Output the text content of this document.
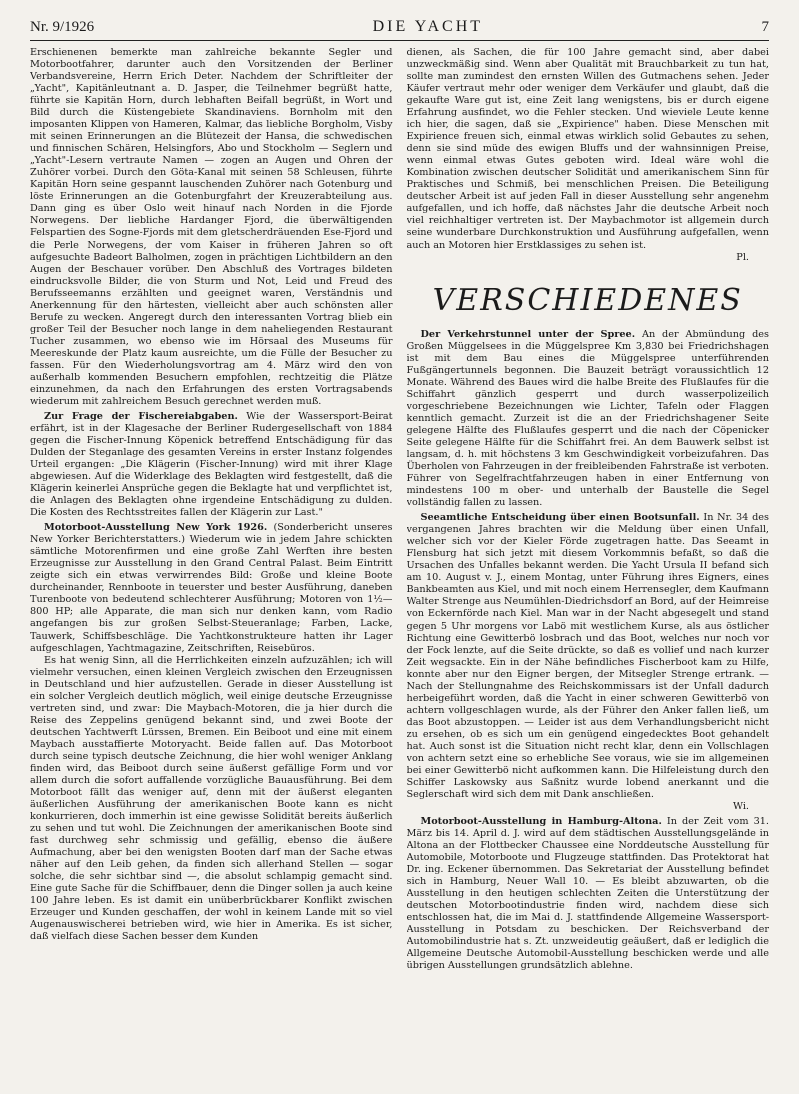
Nr. 9/1926	DIE YACHT	7

Erschienenen bemerkte man zahlreiche bekannte Segler und Motorbootfahrer, darunter auch den Vorsitzenden der Berliner Verbandsvereine, Herrn Erich Deter. Nachdem der Schriftleiter der „Yacht", Kapitänleutnant a. D. Jasper, die Teilnehmer begrüßt hatte, führte sie Kapitän Horn, durch lebhaften Beifall begrüßt, in Wort und Bild durch die Küstengebiete Skandinaviens. Bornholm mit den imposanten Klippen von Hameren, Kalmar, das liebliche Borgholm, Visby mit seinen Erinnerungen an die Blütezeit der Hansa, die schwedischen und finnischen Schären, Helsingfors, Abo und Stockholm — Seglern und „Yacht"-Lesern vertraute Namen — zogen an Augen und Ohren der Zuhörer vorbei. Durch den Göta-Kanal mit seinen 58 Schleusen, führte Kapitän Horn seine gespannt lauschenden Zuhörer nach Gotenburg und löste Erinnerungen an die Gotenburgfahrt der Kreuzerabteilung aus. Dann ging es über Oslo weit hinauf nach Norden in die Fjorde Norwegens. Der liebliche Hardanger Fjord, die überwältigenden Felspartien des Sogne-Fjords mit dem gletscherdräuenden Ese-Fjord und die Perle Norwegens, der vom Kaiser in früheren Jahren so oft aufgesuchte Badeort Balholmen, zogen in prächtigen Lichtbildern an den Augen der Beschauer vorüber. Den Abschluß des Vortrages bildeten eindrucksvolle Bilder, die von Sturm und Not, Leid und Freud des Berufsseemanns erzählten und geeignet waren, Verständnis und Anerkennung für den härtesten, vielleicht aber auch schönsten aller Berufe zu wecken. Angeregt durch den interessanten Vortrag blieb ein großer Teil der Besucher noch lange in dem naheliegenden Restaurant Tucher zusammen, wo ebenso wie im Hörsaal des Museums für Meereskunde der Platz kaum ausreichte, um die Fülle der Besucher zu fassen. Für den Wiederholungsvortrag am 4. März wird den von außerhalb kommenden Besuchern empfohlen, rechtzeitig die Plätze einzunehmen, da nach den Erfahrungen des ersten Vortragsabends wiederum mit zahlreichem Besuch gerechnet werden muß.

Zur Frage der Fischereiabgaben. Wie der Wassersport-Beirat erfährt, ist in der Klagesache der Berliner Rudergesellschaft von 1884 gegen die Fischer-Innung Köpenick betreffend Entschädigung für das Dulden der Steganlage des gesamten Vereins in erster Instanz folgendes Urteil ergangen: „Die Klägerin (Fischer-Innung) wird mit ihrer Klage abgewiesen. Auf die Widerklage des Beklagten wird festgestellt, daß die Klägerin keinerlei Ansprüche gegen die Beklagte hat und verpflichtet ist, die Anlagen des Beklagten ohne irgendeine Entschädigung zu dulden. Die Kosten des Rechtsstreites fallen der Klägerin zur Last."

Motorboot-Ausstellung New York 1926. (Sonderbericht unseres New Yorker Berichterstatters.) Wiederum wie in jedem Jahre schickten sämtliche Motorenfirmen und eine große Zahl Werften ihre besten Erzeugnisse zur Ausstellung in den Grand Central Palast. Beim Eintritt zeigte sich ein etwas verwirrendes Bild: Große und kleine Boote durcheinander, Rennboote in teuerster und bester Ausführung, daneben Turenboote von bedeutend schlechterer Ausführung; Motoren von 1½—800 HP; alle Apparate, die man sich nur denken kann, vom Radio angefangen bis zur großen Selbst-Steueranlage; Farben, Lacke, Tauwerk, Schiffsbeschläge. Die Yachtkonstrukteure hatten ihr Lager aufgeschlagen, Yachtmagazine, Zeitschriften, Reisebüros.

Es hat wenig Sinn, all die Herrlichkeiten einzeln aufzuzählen; ich will vielmehr versuchen, einen kleinen Vergleich zwischen den Erzeugnissen in Deutschland und hier aufzustellen. Gerade in dieser Ausstellung ist ein solcher Vergleich deutlich möglich, weil einige deutsche Erzeugnisse vertreten sind, und zwar: Die Maybach-Motoren, die ja hier durch die Reise des Zeppelins genügend bekannt sind, und zwei Boote der deutschen Yachtwerft Lürssen, Bremen. Ein Beiboot und eine mit einem Maybach ausstaffierte Motoryacht. Beide fallen auf. Das Motorboot durch seine typisch deutsche Zeichnung, die hier wohl weniger Anklang finden wird, das Beiboot durch seine äußerst gefällige Form und vor allem durch die sofort auffallende vorzügliche Bauausführung. Bei dem Motorboot fällt das weniger auf, denn mit der äußerst eleganten äußerlichen Ausführung der amerikanischen Boote kann es nicht konkurrieren, doch immerhin ist eine gewisse Solidität bereits äußerlich zu sehen und tut wohl. Die Zeichnungen der amerikanischen Boote sind fast durchweg sehr schmissig und gefällig, ebenso die äußere Aufmachung, aber bei den wenigsten Booten darf man der Sache etwas näher auf den Leib gehen, da finden sich allerhand Stellen — sogar solche, die sehr sichtbar sind —, die absolut schlampig gemacht sind. Eine gute Sache für die Schiffbauer, denn die Dinger sollen ja auch keine 100 Jahre leben. Es ist damit ein unüberbrückbarer Konflikt zwischen Erzeuger und Kunden geschaffen, der wohl in keinem Lande mit so viel Augenauswischerei betrieben wird, wie hier in Amerika. Es ist sicher, daß vielfach diese Sachen besser dem Kunden

dienen, als Sachen, die für 100 Jahre gemacht sind, aber dabei unzweckmäßig sind. Wenn aber Qualität mit Brauchbarkeit zu tun hat, sollte man zumindest den ernsten Willen des Gutmachens sehen. Jeder Käufer vertraut mehr oder weniger dem Verkäufer und glaubt, daß die gekaufte Ware gut ist, eine Zeit lang wenigstens, bis er durch eigene Erfahrung ausfindet, wo die Fehler stecken. Und wieviele Leute kenne ich hier, die sagen, daß sie „Expirience" haben. Diese Menschen mit Expirience freuen sich, einmal etwas wirklich solid Gebautes zu sehen, denn sie sind müde des ewigen Bluffs und der wahnsinnigen Preise, wenn einmal etwas Gutes geboten wird. Ideal wäre wohl die Kombination zwischen deutscher Solidität und amerikanischem Sinn für Praktisches und Schmiß, bei menschlichen Preisen. Die Beteiligung deutscher Arbeit ist auf jeden Fall in dieser Ausstellung sehr angenehm aufgefallen, und ich hoffe, daß nächstes Jahr die deutsche Arbeit noch viel reichhaltiger vertreten ist. Der Maybachmotor ist allgemein durch seine wunderbare Durchkonstruktion und Ausführung aufgefallen, wenn auch an Motoren hier Erstklassiges zu sehen ist.

Pl.

VERSCHIEDENES

Der Verkehrstunnel unter der Spree. An der Abmündung des Großen Müggelsees in die Müggelspree Km 3,830 bei Friedrichshagen ist mit dem Bau eines die Müggelspree unterführenden Fußgängertunnels begonnen. Die Bauzeit beträgt voraussichtlich 12 Monate. Während des Baues wird die halbe Breite des Flußlaufes für die Schiffahrt gänzlich gesperrt und durch wasserpolizeilich vorgeschriebene Bezeichnungen wie Lichter, Tafeln oder Flaggen kenntlich gemacht. Zurzeit ist die an der Friedrichshagener Seite gelegene Hälfte des Flußlaufes gesperrt und die nach der Cöpenicker Seite gelegene Hälfte für die Schiffahrt frei. An dem Bauwerk selbst ist langsam, d. h. mit höchstens 3 km Geschwindigkeit vorbeizufahren. Das Überholen von Fahrzeugen in der freibleibenden Fahrstraße ist verboten. Führer von Segelfrachtfahrzeugen haben in einer Entfernung von mindestens 100 m ober- und unterhalb der Baustelle die Segel vollständig fallen zu lassen.

Seeamtliche Entscheidung über einen Bootsunfall. In Nr. 34 des vergangenen Jahres brachten wir die Meldung über einen Unfall, welcher sich vor der Kieler Förde zugetragen hatte. Das Seeamt in Flensburg hat sich jetzt mit diesem Vorkommnis befaßt, so daß die Ursachen des Unfalles bekannt werden. Die Yacht Ursula II befand sich am 10. August v. J., einem Montag, unter Führung ihres Eigners, eines Bankbeamten aus Kiel, und mit noch einem Herrensegler, dem Kaufmann Walter Strenge aus Neumühlen-Diedrichsdorf an Bord, auf der Heimreise von Eckernförde nach Kiel. Man war in der Nacht abgesegelt und stand gegen 5 Uhr morgens vor Labö mit westlichem Kurse, als aus östlicher Richtung eine Gewitterbö losbrach und das Boot, welches nur noch vor der Fock lenzte, auf die Seite drückte, so daß es vollief und nach kurzer Zeit wegsackte. Ein in der Nähe befindliches Fischerboot kam zu Hilfe, konnte aber nur den Eigner bergen, der Mitsegler Strenge ertrank. — Nach der Stellungnahme des Reichskommissars ist der Unfall dadurch herbeigeführt worden, daß die Yacht in einer schweren Gewitterbö von achtern vollgeschlagen wurde, als der Führer den Anker fallen ließ, um das Boot abzustoppen. — Leider ist aus dem Verhandlungsbericht nicht zu ersehen, ob es sich um ein genügend eingedecktes Boot gehandelt hat. Auch sonst ist die Situation nicht recht klar, denn ein Vollschlagen von achtern setzt eine so erhebliche See voraus, wie sie im allgemeinen bei einer Gewitterbö nicht aufkommen kann. Die Hilfeleistung durch den Schiffer Laskowsky aus Saßnitz wurde lobend anerkannt und die Seglerschaft wird sich dem mit Dank anschließen.

Wi.

Motorboot-Ausstellung in Hamburg-Altona. In der Zeit vom 31. März bis 14. April d. J. wird auf dem städtischen Ausstellungsgelände in Altona an der Flottbecker Chaussee eine Norddeutsche Ausstellung für Automobile, Motorboote und Flugzeuge stattfinden. Das Protektorat hat Dr. ing. Eckener übernommen. Das Sekretariat der Ausstellung befindet sich in Hamburg, Neuer Wall 10. — Es bleibt abzuwarten, ob die Ausstellung in den heutigen schlechten Zeiten die Unterstützung der deutschen Motorbootindustrie finden wird, nachdem diese sich entschlossen hat, die im Mai d. J. stattfindende Allgemeine Wassersport-Ausstellung in Potsdam zu beschicken. Der Reichsverband der Automobilindustrie hat s. Zt. unzweideutig geäußert, daß er lediglich die Allgemeine Deutsche Automobil-Ausstellung beschicken werde und alle übrigen Ausstellungen grundsätzlich ablehne.
